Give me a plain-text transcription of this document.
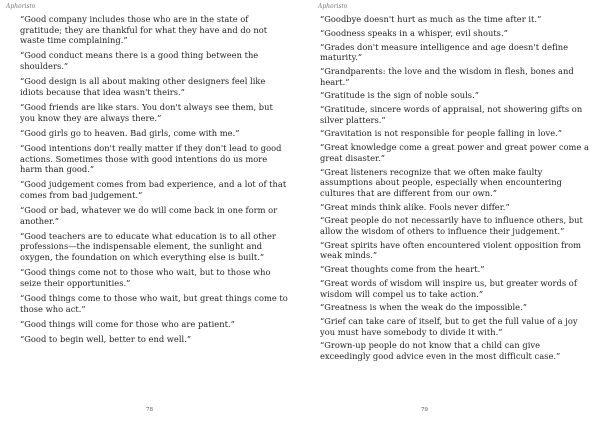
Aphorism

“Good company includes those who are in the state of gratitude; they are thankful for what they have and do not waste time complaining.”

“Good conduct means there is a good thing between the shoulders.”

“Good design is all about making other designers feel like idiots because that idea wasn't theirs.”

“Good friends are like stars. You don't always see them, but you know they are always there.”

“Good girls go to heaven. Bad girls, come with me.”

“Good intentions don't really matter if they don't lead to good actions. Sometimes those with good intentions do us more harm than good.”

“Good judgement comes from bad experience, and a lot of that comes from bad judgement.”

“Good or bad, whatever we do will come back in one form or another.”

“Good teachers are to educate what education is to all other professions—the indispensable element, the sunlight and oxygen, the foundation on which everything else is built.”

“Good things come not to those who wait, but to those who seize their opportunities.”

“Good things come to those who wait, but great things come to those who act.”

“Good things will come for those who are patient.”

“Good to begin well, better to end well.”

78
Aphorism

“Goodbye doesn't hurt as much as the time after it.”

“Goodness speaks in a whisper, evil shouts.”

“Grades don't measure intelligence and age doesn't define maturity.”

“Grandparents: the love and the wisdom in flesh, bones and heart.”

“Gratitude is the sign of noble souls.”

“Gratitude, sincere words of appraisal, not showering gifts on silver platters.”

“Gravitation is not responsible for people falling in love.”

“Great knowledge come a great power and great power come a great disaster.”

“Great listeners recognize that we often make faulty assumptions about people, especially when encountering cultures that are different from our own.”

“Great minds think alike. Fools never differ.”

“Great people do not necessarily have to influence others, but allow the wisdom of others to influence their judgement.”

“Great spirits have often encountered violent opposition from weak minds.”

“Great thoughts come from the heart.”

“Great words of wisdom will inspire us, but greater words of wisdom will compel us to take action.”

“Greatness is when the weak do the impossible.”

“Grief can take care of itself, but to get the full value of a joy you must have somebody to divide it with.”

“Grown-up people do not know that a child can give exceedingly good advice even in the most difficult case.”

79
